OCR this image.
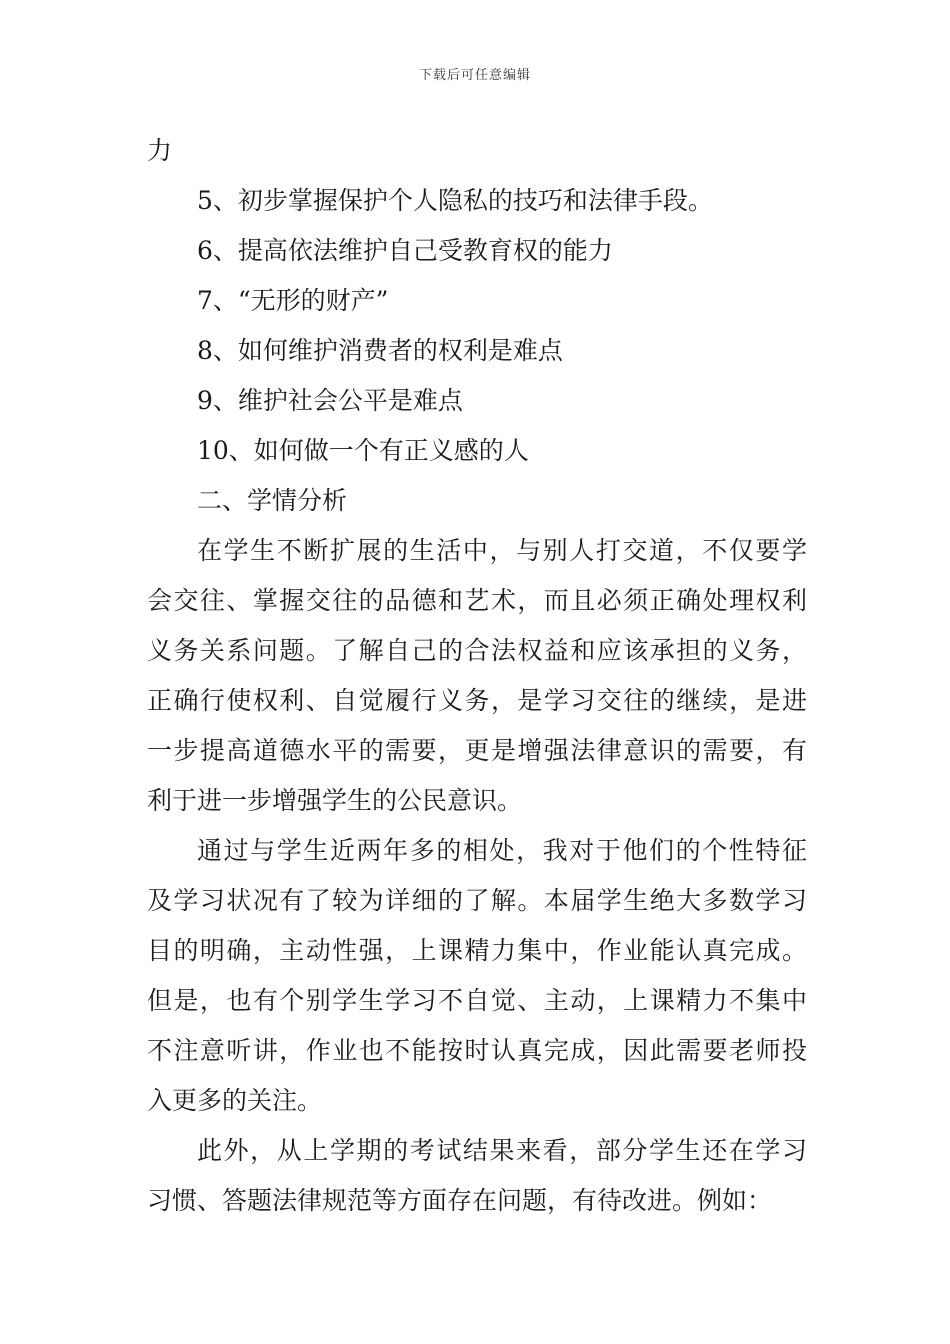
下载后可任意编辑

力

5、初步掌握保护个人隐私的技巧和法律手段。

6、提高依法维护自己受教育权的能力

7、“无形的财产”

8、如何维护消费者的权利是难点

9、维护社会公平是难点

10、如何做一个有正义感的人

二、学情分析

在学生不断扩展的生活中，与别人打交道，不仅要学

会交往、掌握交往的品德和艺术，而且必须正确处理权利

义务关系问题。了解自己的合法权益和应该承担的义务，

正确行使权利、自觉履行义务，是学习交往的继续，是进

一步提高道德水平的需要，更是增强法律意识的需要，有

利于进一步增强学生的公民意识。

通过与学生近两年多的相处，我对于他们的个性特征

及学习状况有了较为详细的了解。本届学生绝大多数学习

目的明确，主动性强，上课精力集中，作业能认真完成。

但是，也有个别学生学习不自觉、主动，上课精力不集中

不注意听讲，作业也不能按时认真完成，因此需要老师投

入更多的关注。

此外，从上学期的考试结果来看，部分学生还在学习

习惯、答题法律规范等方面存在问题，有待改进。例如：
